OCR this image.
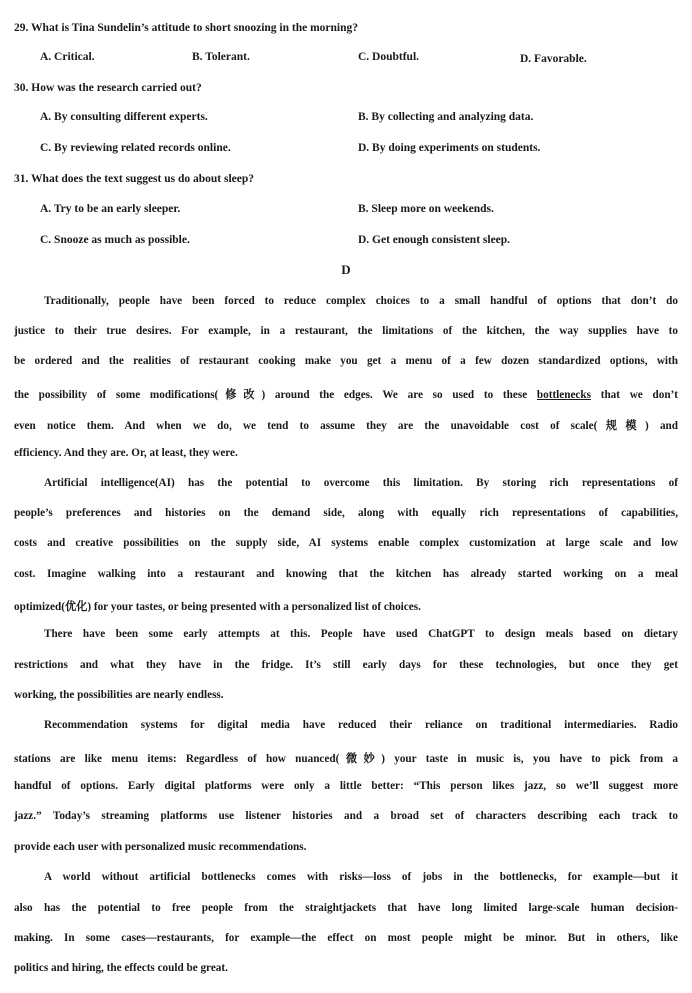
29. What is Tina Sundelin’s attitude to short snoozing in the morning?
A. Critical.	B. Tolerant.	C. Doubtful.	D. Favorable.
30. How was the research carried out?
A. By consulting different experts.	B. By collecting and analyzing data.
C. By reviewing related records online.	D. By doing experiments on students.
31. What does the text suggest us do about sleep?
A. Try to be an early sleeper.	B. Sleep more on weekends.
C. Snooze as much as possible.	D. Get enough consistent sleep.
D
Traditionally, people have been forced to reduce complex choices to a small handful of options that don’t do
justice to their true desires. For example, in a restaurant, the limitations of the kitchen, the way supplies have to
be ordered and the realities of restaurant cooking make you get a menu of a few dozen standardized options, with
the possibility of some modifications(修改) around the edges. We are so used to these bottlenecks that we don’t
even notice them. And when we do, we tend to assume they are the unavoidable cost of scale(规模) and
efficiency. And they are. Or, at least, they were.
Artificial intelligence(AI) has the potential to overcome this limitation. By storing rich representations of
people’s preferences and histories on the demand side, along with equally rich representations of capabilities,
costs and creative possibilities on the supply side, AI systems enable complex customization at large scale and low
cost. Imagine walking into a restaurant and knowing that the kitchen has already started working on a meal
optimized(优化) for your tastes, or being presented with a personalized list of choices.
There have been some early attempts at this. People have used ChatGPT to design meals based on dietary
restrictions and what they have in the fridge. It’s still early days for these technologies, but once they get
working, the possibilities are nearly endless.
Recommendation systems for digital media have reduced their reliance on traditional intermediaries. Radio
stations are like menu items: Regardless of how nuanced(微妙) your taste in music is, you have to pick from a
handful of options. Early digital platforms were only a little better: “This person likes jazz, so we’ll suggest more
jazz.” Today’s streaming platforms use listener histories and a broad set of characters describing each track to
provide each user with personalized music recommendations.
A world without artificial bottlenecks comes with risks—loss of jobs in the bottlenecks, for example—but it
also has the potential to free people from the straightjackets that have long limited large-scale human decision-
making. In some cases—restaurants, for example—the effect on most people might be minor. But in others, like
politics and hiring, the effects could be great.
